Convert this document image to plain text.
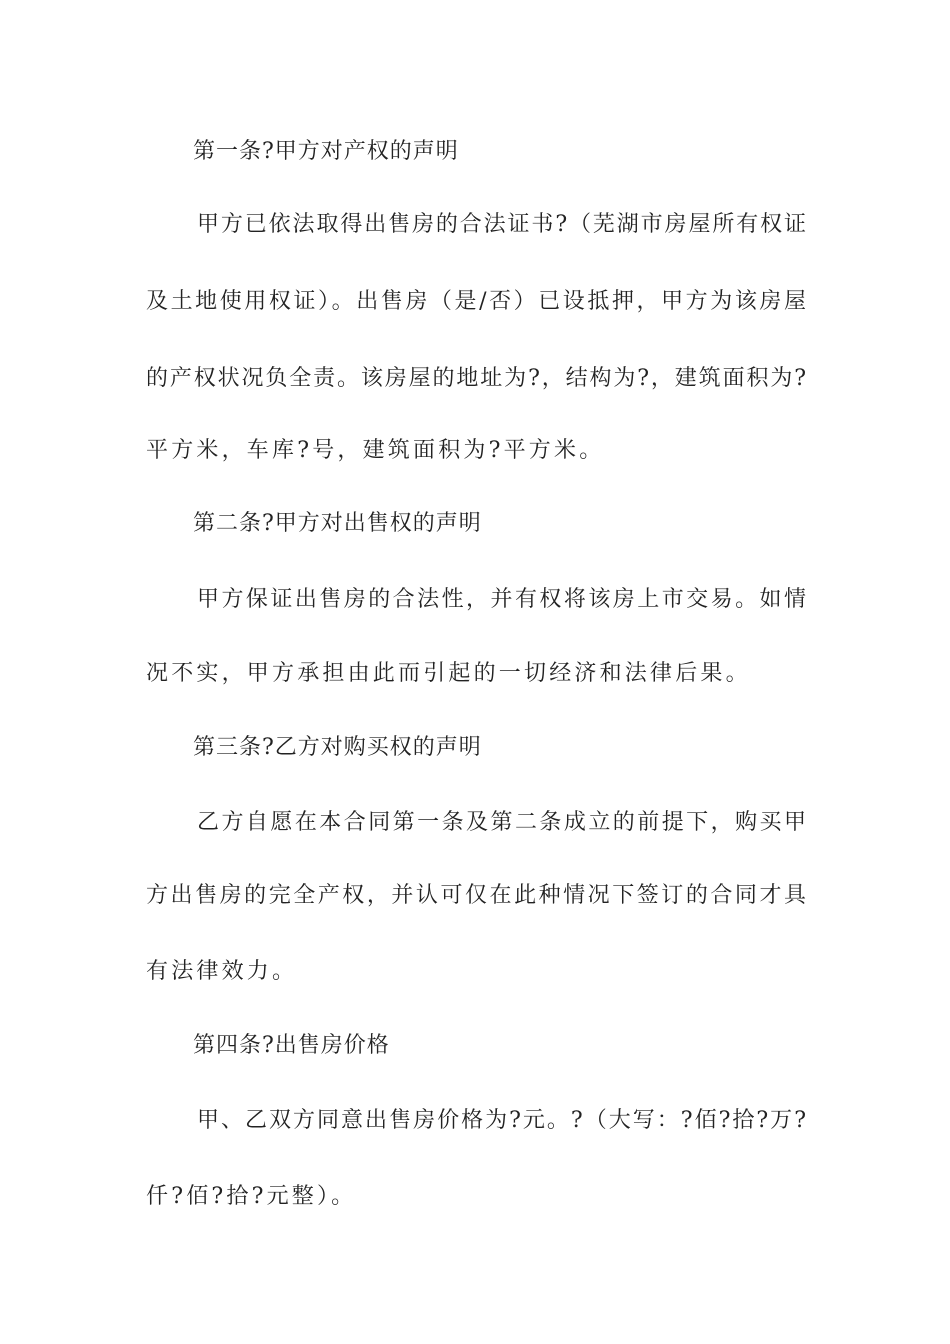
第一条?甲方对产权的声明
甲方已依法取得出售房的合法证书?（芜湖市房屋所有权证
及土地使用权证）。出售房（是/否）已设抵押，甲方为该房屋
的产权状况负全责。该房屋的地址为?，结构为?，建筑面积为?
平方米，车库?号，建筑面积为?平方米。
第二条?甲方对出售权的声明
甲方保证出售房的合法性，并有权将该房上市交易。如情
况不实，甲方承担由此而引起的一切经济和法律后果。
第三条?乙方对购买权的声明
乙方自愿在本合同第一条及第二条成立的前提下，购买甲
方出售房的完全产权，并认可仅在此种情况下签订的合同才具
有法律效力。
第四条?出售房价格
甲、乙双方同意出售房价格为?元。?（大写：?佰?拾?万?
仟?佰?拾?元整）。
